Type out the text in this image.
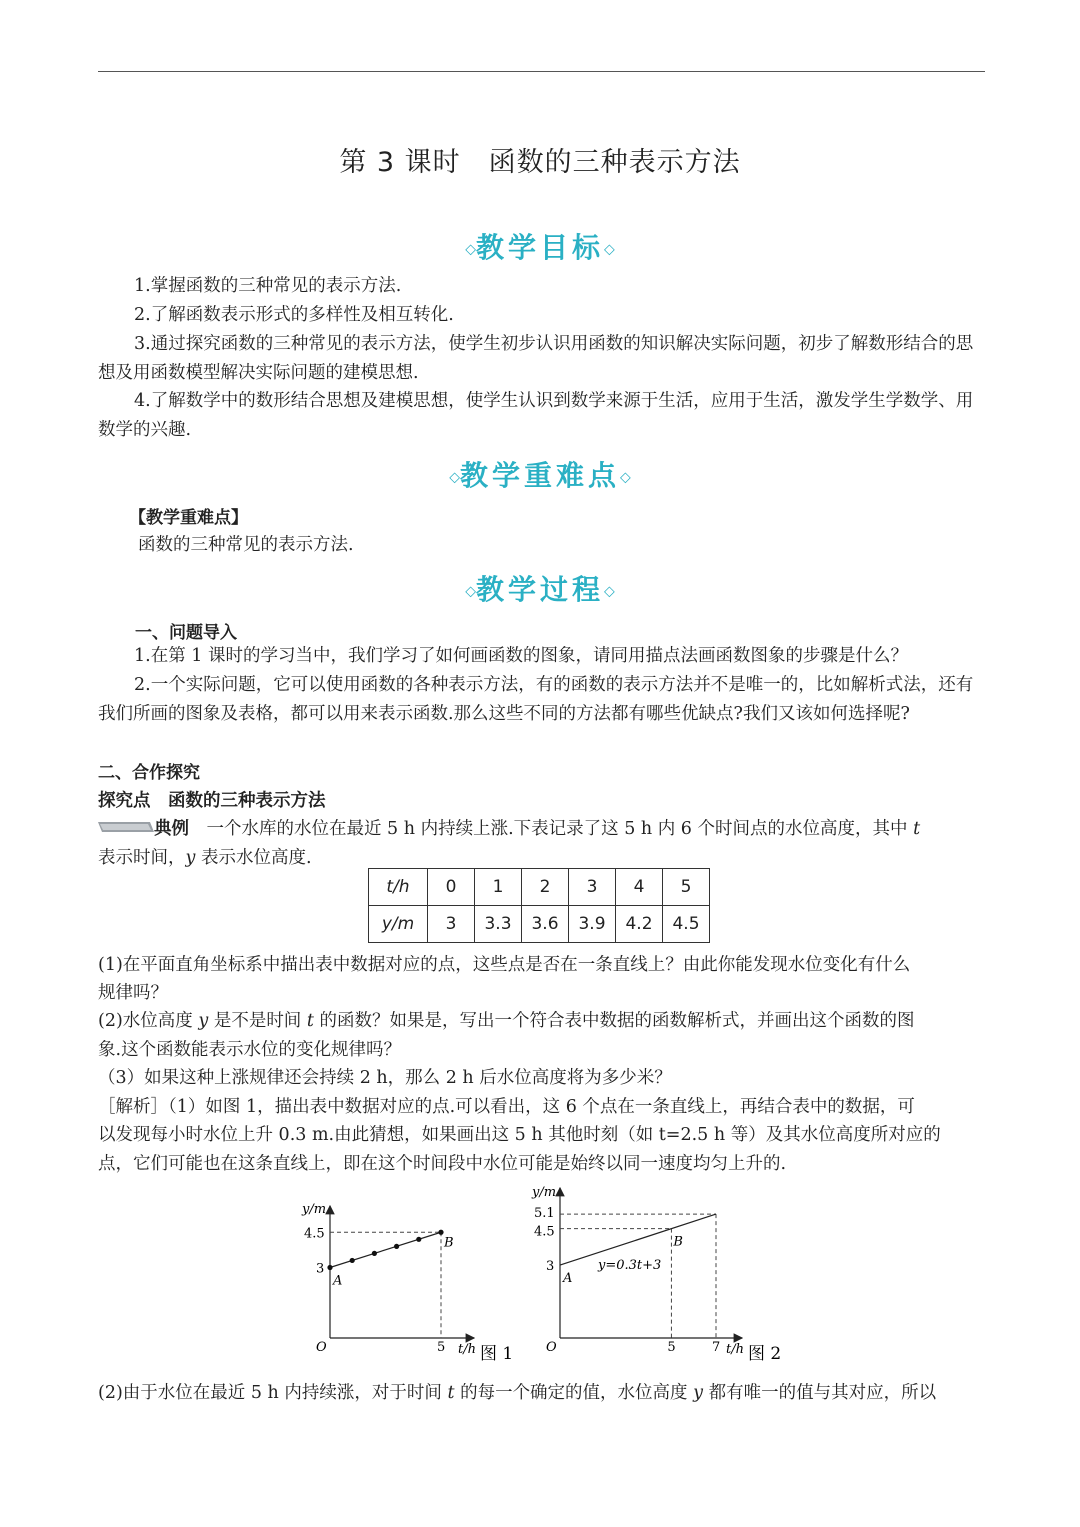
第 3 课时　函数的三种表示方法
◇教学目标◇
1.掌握函数的三种常见的表示方法.
2.了解函数表示形式的多样性及相互转化.
3.通过探究函数的三种常见的表示方法，使学生初步认识用函数的知识解决实际问题，初步了解数形结合的思想及用函数模型解决实际问题的建模思想.
4.了解数学中的数形结合思想及建模思想，使学生认识到数学来源于生活，应用于生活，激发学生学数学、用数学的兴趣.
◇教学重难点◇
【教学重难点】
函数的三种常见的表示方法.
◇教学过程◇
一、问题导入
1.在第 1 课时的学习当中，我们学习了如何画函数的图象，请同用描点法画函数图象的步骤是什么？
2.一个实际问题，它可以使用函数的各种表示方法，有的函数的表示方法并不是唯一的，比如解析式法，还有我们所画的图象及表格，都可以用来表示函数.那么这些不同的方法都有哪些优缺点?我们又该如何选择呢?
二、合作探究
探究点　函数的三种表示方法
典例　 一个水库的水位在最近 5 h 内持续上涨.下表记录了这 5 h 内 6 个时间点的水位高度，其中 t
表示时间，y 表示水位高度.
t/h	0	1	2	3	4	5
y/m	3	3.3	3.6	3.9	4.2	4.5
(1)在平面直角坐标系中描出表中数据对应的点，这些点是否在一条直线上？由此你能发现水位变化有什么
规律吗？
(2)水位高度 y 是不是时间 t 的函数？如果是，写出一个符合表中数据的函数解析式，并画出这个函数的图
象.这个函数能表示水位的变化规律吗？
（3）如果这种上涨规律还会持续 2 h，那么 2 h 后水位高度将为多少米？
［解析］（1）如图 1，描出表中数据对应的点.可以看出，这 6 个点在一条直线上，再结合表中的数据，可
以发现每小时水位上升 0.3 m.由此猜想，如果画出这 5 h 其他时刻（如 t=2.5 h 等）及其水位高度所对应的
点，它们可能也在这条直线上，即在这个时间段中水位可能是始终以同一速度均匀上升的.
y/m
4.5
3
A
B
O	5 t/h 图 1
y/m
5.1
4.5
3
A
B
y=0.3t+3
O	5	7 t/h 图 2
(2)由于水位在最近 5 h 内持续涨，对于时间 t 的每一个确定的值，水位高度 y 都有唯一的值与其对应，所以
